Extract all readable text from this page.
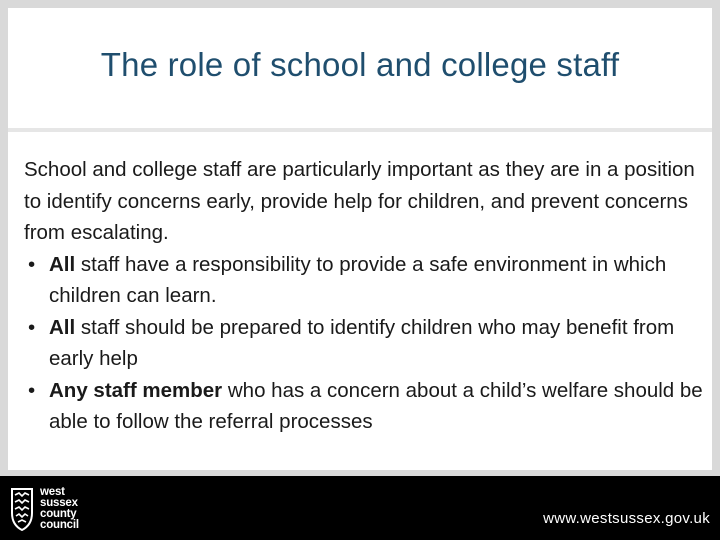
The role of school and college staff

School and college staff are particularly important as they are in a position to identify concerns early, provide help for children, and prevent concerns from escalating.

• All staff have a responsibility to provide a safe environment in which children can learn.
• All staff should be prepared to identify children who may benefit from early help
• Any staff member who has a concern about a child’s welfare should be able to follow the referral processes
west
sussex
county
council	www.westsussex.gov.uk
